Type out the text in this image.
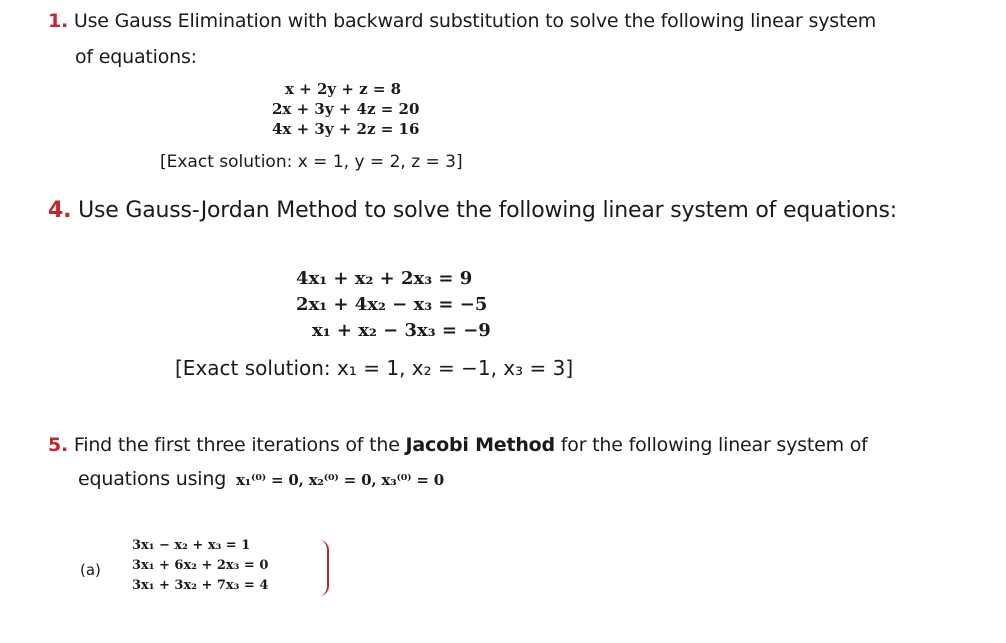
1. Use Gauss Elimination with backward substitution to solve the following linear system
of equations:
x + 2y + z = 8
2x + 3y + 4z = 20
4x + 3y + 2z = 16
[Exact solution: x = 1, y = 2, z = 3]
4. Use Gauss-Jordan Method to solve the following linear system of equations:
4x₁ + x₂ + 2x₃ = 9
2x₁ + 4x₂ − x₃ = −5
x₁ + x₂ − 3x₃ = −9
[Exact solution: x₁ = 1, x₂ = −1, x₃ = 3]
5. Find the first three iterations of the Jacobi Method for the following linear system of
equations using x₁⁽⁰⁾ = 0, x₂⁽⁰⁾ = 0, x₃⁽⁰⁾ = 0
(a)
3x₁ − x₂ + x₃ = 1
3x₁ + 6x₂ + 2x₃ = 0
3x₁ + 3x₂ + 7x₃ = 4
